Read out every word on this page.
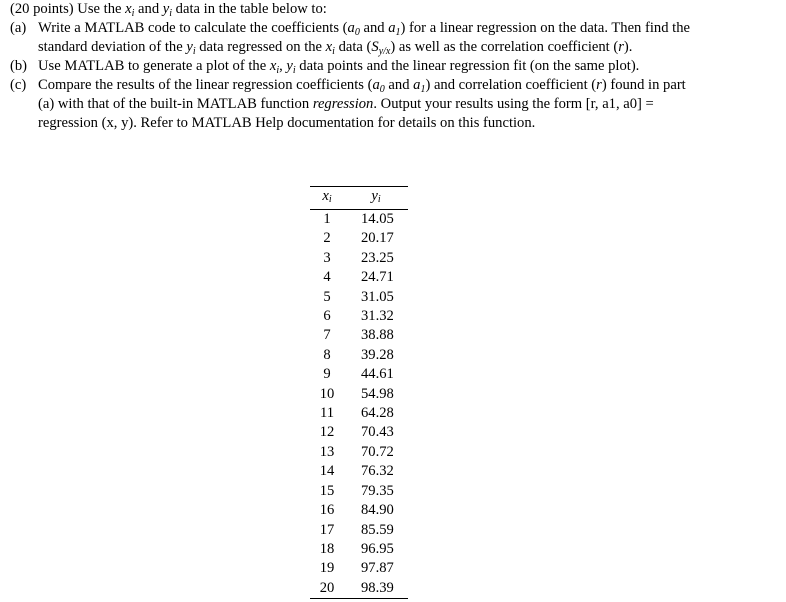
(20 points) Use the $x_i$ and $y_i$ data in the table below to:
(a) Write a MATLAB code to calculate the coefficients ($a_0$ and $a_1$) for a linear regression on the data. Then find the
standard deviation of the $y_i$ data regressed on the $x_i$ data $(S_{y/x})$ as well as the correlation coefficient (r).
(b) Use MATLAB to generate a plot of the $x_i$, $y_i$ data points and the linear regression fit (on the same plot).
(c) Compare the results of the linear regression coefficients ($a_0$ and $a_1$) and correlation coefficient (r) found in part
(a) with that of the built-in MATLAB function regression. Output your results using the form [r, a1, a0] =
regression (x, y). Refer to MATLAB Help documentation for details on this function.
$x_i$	$y_i$
1	14.05
2	20.17
3	23.25
4	24.71
5	31.05
6	31.32
7	38.88
8	39.28
9	44.61
10	54.98
11	64.28
12	70.43
13	70.72
14	76.32
15	79.35
16	84.90
17	85.59
18	96.95
19	97.87
20	98.39
